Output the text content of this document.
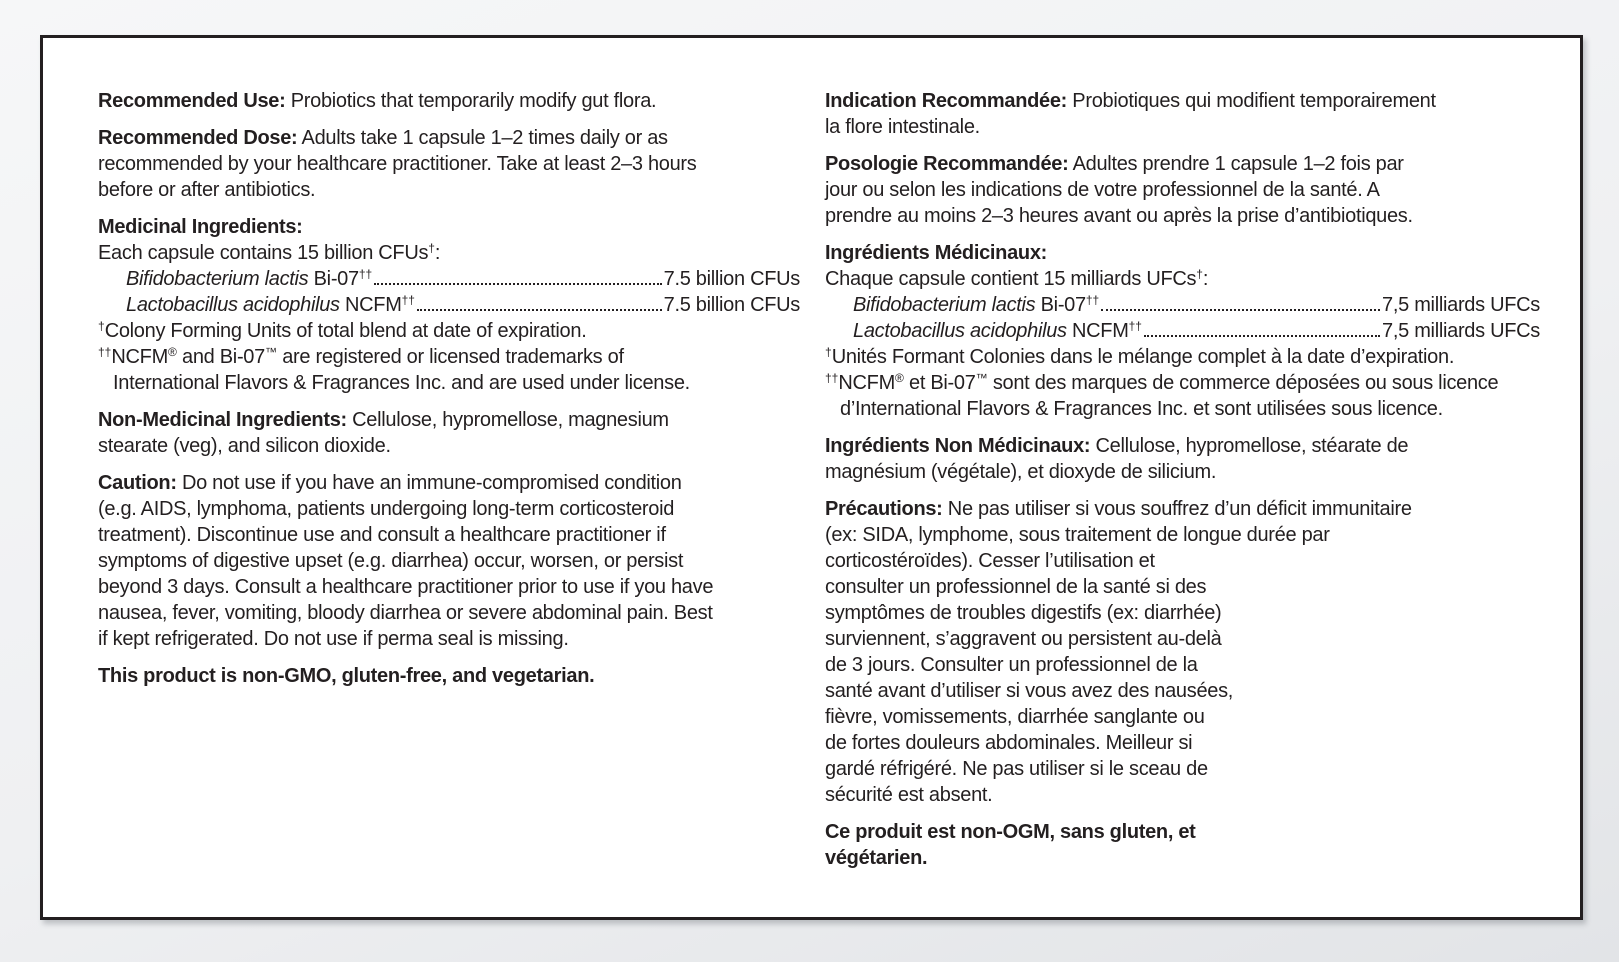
Recommended Use: Probiotics that temporarily modify gut flora.

Recommended Dose: Adults take 1 capsule 1–2 times daily or as
recommended by your healthcare practitioner. Take at least 2–3 hours
before or after antibiotics.

Medicinal Ingredients:
Each capsule contains 15 billion CFUs†:
Bifidobacterium lactis Bi-07††	7.5 billion CFUs
Lactobacillus acidophilus NCFM††	7.5 billion CFUs
†Colony Forming Units of total blend at date of expiration.
††NCFM® and Bi-07™ are registered or licensed trademarks of
International Flavors & Fragrances Inc. and are used under license.

Non-Medicinal Ingredients: Cellulose, hypromellose, magnesium
stearate (veg), and silicon dioxide.

Caution: Do not use if you have an immune-compromised condition
(e.g. AIDS, lymphoma, patients undergoing long-term corticosteroid
treatment). Discontinue use and consult a healthcare practitioner if
symptoms of digestive upset (e.g. diarrhea) occur, worsen, or persist
beyond 3 days. Consult a healthcare practitioner prior to use if you have
nausea, fever, vomiting, bloody diarrhea or severe abdominal pain. Best
if kept refrigerated. Do not use if perma seal is missing.

This product is non-GMO, gluten-free, and vegetarian.

Indication Recommandée: Probiotiques qui modifient temporairement
la flore intestinale.

Posologie Recommandée: Adultes prendre 1 capsule 1–2 fois par
jour ou selon les indications de votre professionnel de la santé. A
prendre au moins 2–3 heures avant ou après la prise d’antibiotiques.

Ingrédients Médicinaux:
Chaque capsule contient 15 milliards UFCs†:
Bifidobacterium lactis Bi-07††	7,5 milliards UFCs
Lactobacillus acidophilus NCFM††	7,5 milliards UFCs
†Unités Formant Colonies dans le mélange complet à la date d’expiration.
††NCFM® et Bi-07™ sont des marques de commerce déposées ou sous licence
d’International Flavors & Fragrances Inc. et sont utilisées sous licence.

Ingrédients Non Médicinaux: Cellulose, hypromellose, stéarate de
magnésium (végétale), et dioxyde de silicium.

Précautions: Ne pas utiliser si vous souffrez d’un déficit immunitaire
(ex: SIDA, lymphome, sous traitement de longue durée par
corticostéroïdes). Cesser l’utilisation et
consulter un professionnel de la santé si des
symptômes de troubles digestifs (ex: diarrhée)
surviennent, s’aggravent ou persistent au-delà
de 3 jours. Consulter un professionnel de la
santé avant d’utiliser si vous avez des nausées,
fièvre, vomissements, diarrhée sanglante ou
de fortes douleurs abdominales. Meilleur si
gardé réfrigéré. Ne pas utiliser si le sceau de
sécurité est absent.

Ce produit est non-OGM, sans gluten, et
végétarien.
